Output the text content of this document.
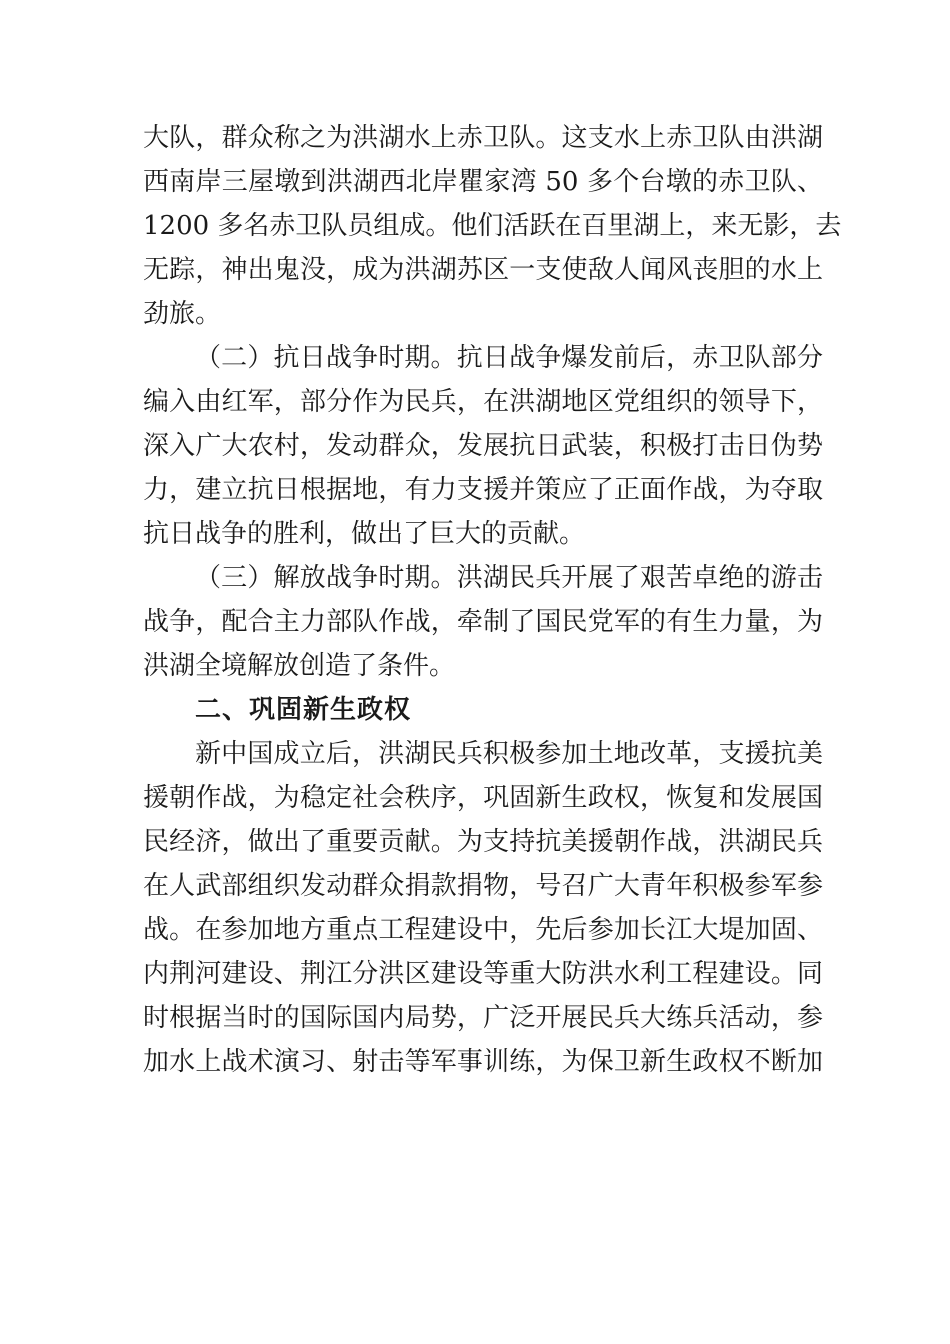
大队，群众称之为洪湖水上赤卫队。这支水上赤卫队由洪湖
西南岸三屋墩到洪湖西北岸瞿家湾 50 多个台墩的赤卫队、
1200 多名赤卫队员组成。他们活跃在百里湖上，来无影，去
无踪，神出鬼没，成为洪湖苏区一支使敌人闻风丧胆的水上
劲旅。
（二）抗日战争时期。抗日战争爆发前后，赤卫队部分
编入由红军，部分作为民兵，在洪湖地区党组织的领导下，
深入广大农村，发动群众，发展抗日武装，积极打击日伪势
力，建立抗日根据地，有力支援并策应了正面作战，为夺取
抗日战争的胜利，做出了巨大的贡献。
（三）解放战争时期。洪湖民兵开展了艰苦卓绝的游击
战争，配合主力部队作战，牵制了国民党军的有生力量，为
洪湖全境解放创造了条件。
二、巩固新生政权
新中国成立后，洪湖民兵积极参加土地改革，支援抗美
援朝作战，为稳定社会秩序，巩固新生政权，恢复和发展国
民经济，做出了重要贡献。为支持抗美援朝作战，洪湖民兵
在人武部组织发动群众捐款捐物，号召广大青年积极参军参
战。在参加地方重点工程建设中，先后参加长江大堤加固、
内荆河建设、荆江分洪区建设等重大防洪水利工程建设。同
时根据当时的国际国内局势，广泛开展民兵大练兵活动，参
加水上战术演习、射击等军事训练，为保卫新生政权不断加
